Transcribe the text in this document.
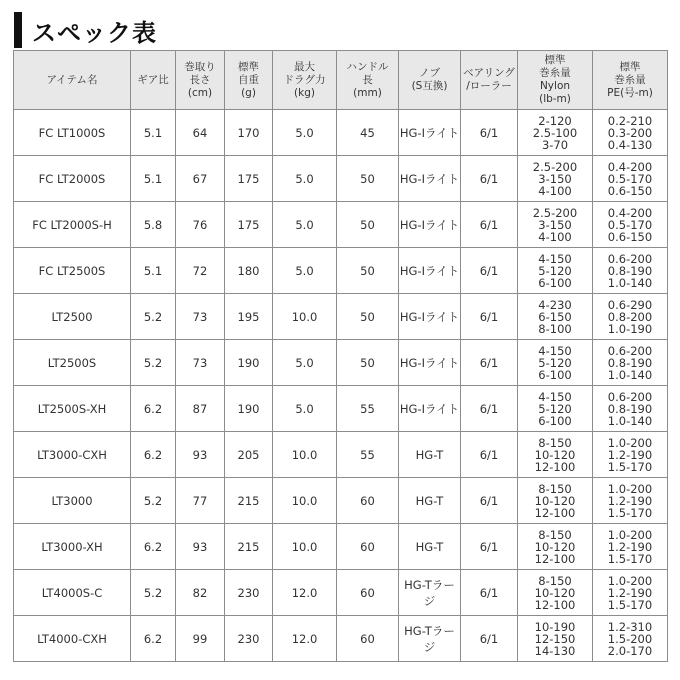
スペック表
アイテム名	ギア比	巻取り
長さ
(cm)	標準
自重
(g)	最大
ドラグ力
(kg)	ハンドル
長
(mm)	ノブ
(S互換)	ベアリング
/ローラー	標準
巻糸量
Nylon
(lb-m)	標準
巻糸量
PE(号-m)

FC LT1000S	5.1	64	170	5.0	45	HG-Iライト	6/1	2-120
2.5-100
3-70	0.2-210
0.3-200
0.4-130

FC LT2000S	5.1	67	175	5.0	50	HG-Iライト	6/1	2.5-200
3-150
4-100	0.4-200
0.5-170
0.6-150

FC LT2000S-H	5.8	76	175	5.0	50	HG-Iライト	6/1	2.5-200
3-150
4-100	0.4-200
0.5-170
0.6-150

FC LT2500S	5.1	72	180	5.0	50	HG-Iライト	6/1	4-150
5-120
6-100	0.6-200
0.8-190
1.0-140

LT2500	5.2	73	195	10.0	50	HG-Iライト	6/1	4-230
6-150
8-100	0.6-290
0.8-200
1.0-190

LT2500S	5.2	73	190	5.0	50	HG-Iライト	6/1	4-150
5-120
6-100	0.6-200
0.8-190
1.0-140

LT2500S-XH	6.2	87	190	5.0	55	HG-Iライト	6/1	4-150
5-120
6-100	0.6-200
0.8-190
1.0-140

LT3000-CXH	6.2	93	205	10.0	55	HG-T	6/1	8-150
10-120
12-100	1.0-200
1.2-190
1.5-170

LT3000	5.2	77	215	10.0	60	HG-T	6/1	8-150
10-120
12-100	1.0-200
1.2-190
1.5-170

LT3000-XH	6.2	93	215	10.0	60	HG-T	6/1	8-150
10-120
12-100	1.0-200
1.2-190
1.5-170

LT4000S-C	5.2	82	230	12.0	60	HG-Tラージ	6/1	8-150
10-120
12-100	1.0-200
1.2-190
1.5-170

LT4000-CXH	6.2	99	230	12.0	60	HG-Tラージ	6/1	10-190
12-150
14-130	1.2-310
1.5-200
2.0-170
